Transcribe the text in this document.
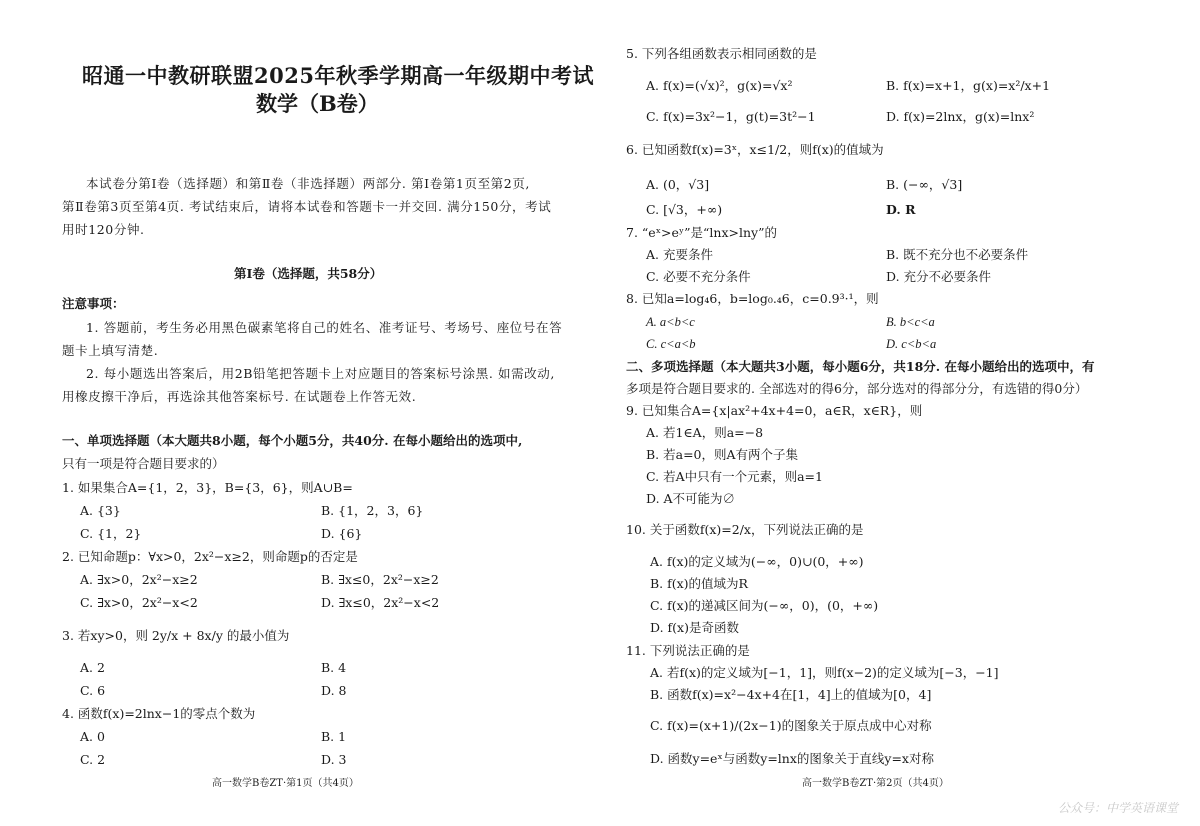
昭通一中教研联盟2025年秋季学期高一年级期中考试
数学（B卷）
本试卷分第Ⅰ卷（选择题）和第Ⅱ卷（非选择题）两部分. 第Ⅰ卷第1页至第2页,
第Ⅱ卷第3页至第4页. 考试结束后，请将本试卷和答题卡一并交回. 满分150分，考试
用时120分钟.
第Ⅰ卷（选择题，共58分）
注意事项：
1. 答题前，考生务必用黑色碳素笔将自己的姓名、准考证号、考场号、座位号在答
题卡上填写清楚.
2. 每小题选出答案后，用2B铅笔把答题卡上对应题目的答案标号涂黑. 如需改动,
用橡皮擦干净后，再选涂其他答案标号. 在试题卷上作答无效.
一、单项选择题（本大题共8小题，每个小题5分，共40分. 在每小题给出的选项中,
只有一项是符合题目要求的）
1. 如果集合A={1，2，3}，B={3，6}，则A∪B=
A. {3}	B. {1，2，3，6}
C. {1，2}	D. {6}
2. 已知命题p：∀x>0，2x²−x≥2，则命题p的否定是
A. ∃x>0，2x²−x≥2	B. ∃x≤0，2x²−x≥2
C. ∃x>0，2x²−x<2	D. ∃x≤0，2x²−x<2
3. 若xy>0，则 2y/x + 8x/y 的最小值为
A. 2	B. 4
C. 6	D. 8
4. 函数f(x)=2lnx−1的零点个数为
A. 0	B. 1
C. 2	D. 3
高一数学B卷ZT·第1页（共4页）
5. 下列各组函数表示相同函数的是
A. f(x)=(√x)²，g(x)=√x²	B. f(x)=x+1，g(x)=x²/x+1
C. f(x)=3x²−1，g(t)=3t²−1	D. f(x)=2lnx，g(x)=lnx²
6. 已知函数f(x)=3ˣ，x≤1/2，则f(x)的值域为
A. (0，√3]	B. (−∞，√3]
C. [√3，+∞)	D. R
7. “eˣ>eʸ”是“lnx>lny”的
A. 充要条件	B. 既不充分也不必要条件
C. 必要不充分条件	D. 充分不必要条件
8. 已知a=log₄6，b=log₀.₄6，c=0.9³·¹，则
A. a<b<c	B. b<c<a
C. c<a<b	D. c<b<a
二、多项选择题（本大题共3小题，每小题6分，共18分. 在每小题给出的选项中，有
多项是符合题目要求的. 全部选对的得6分，部分选对的得部分分，有选错的得0分）
9. 已知集合A={x|ax²+4x+4=0，a∈R，x∈R}，则
A. 若1∈A，则a=−8
B. 若a=0，则A有两个子集
C. 若A中只有一个元素，则a=1
D. A不可能为∅
10. 关于函数f(x)=2/x，下列说法正确的是
A. f(x)的定义域为(−∞，0)∪(0，+∞)
B. f(x)的值域为R
C. f(x)的递减区间为(−∞，0)，(0，+∞)
D. f(x)是奇函数
11. 下列说法正确的是
A. 若f(x)的定义域为[−1，1]，则f(x−2)的定义域为[−3，−1]
B. 函数f(x)=x²−4x+4在[1，4]上的值域为[0，4]
C. f(x)=(x+1)/(2x−1)的图象关于原点成中心对称
D. 函数y=eˣ与函数y=lnx的图象关于直线y=x对称
高一数学B卷ZT·第2页（共4页）
公众号：中学英语课堂
